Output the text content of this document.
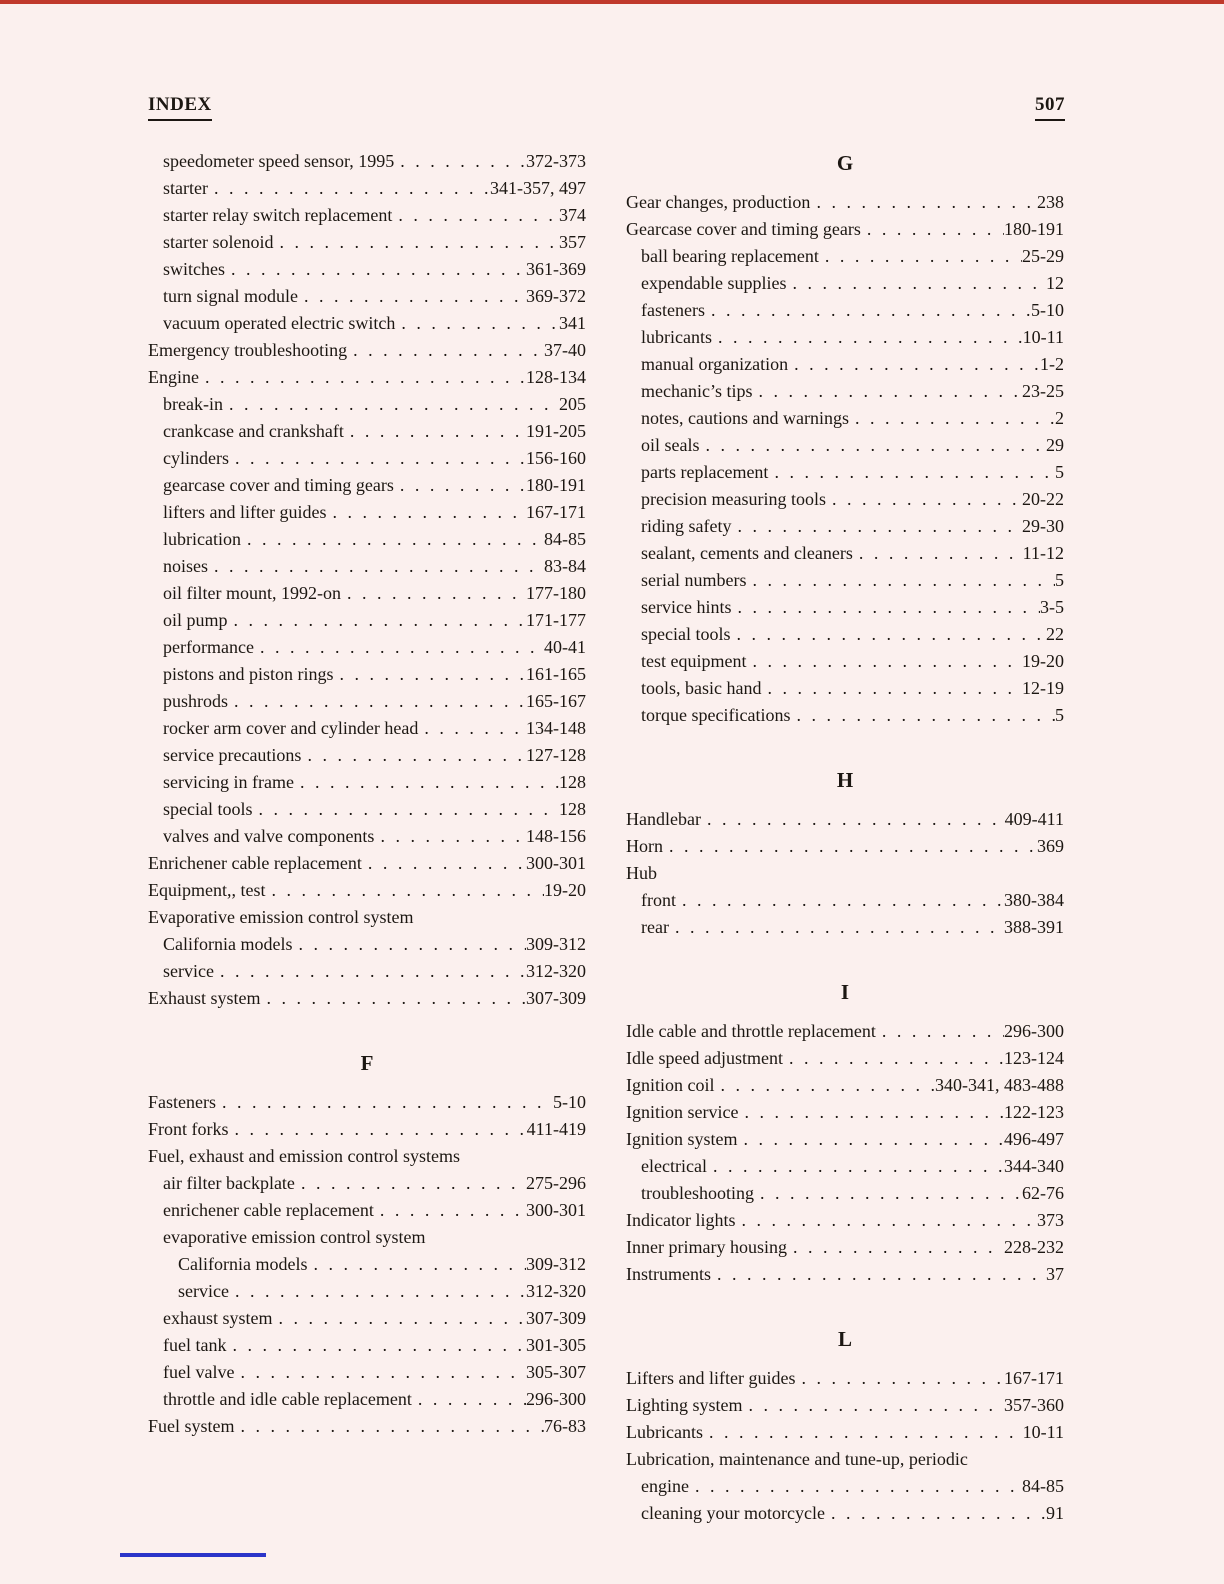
INDEX	507
speedometer speed sensor, 1995 . . .	372-373
starter . . .	341-357, 497
starter relay switch replacement . . .	374
starter solenoid . . .	357
switches . . .	361-369
turn signal module . . .	369-372
vacuum operated electric switch . . .	341
Emergency troubleshooting . . .	37-40
Engine . . .	128-134
break-in . . .	205
crankcase and crankshaft . . .	191-205
cylinders . . .	156-160
gearcase cover and timing gears . . .	180-191
lifters and lifter guides . . .	167-171
lubrication . . .	84-85
noises . . .	83-84
oil filter mount, 1992-on . . .	177-180
oil pump . . .	171-177
performance . . .	40-41
pistons and piston rings . . .	161-165
pushrods . . .	165-167
rocker arm cover and cylinder head . . .	134-148
service precautions . . .	127-128
servicing in frame . . .	128
special tools . . .	128
valves and valve components . . .	148-156
Enrichener cable replacement . . .	300-301
Equipment,, test . . .	19-20
Evaporative emission control system
California models . . .	309-312
service . . .	312-320
Exhaust system . . .	307-309
F
Fasteners . . .	5-10
Front forks . . .	411-419
Fuel, exhaust and emission control systems
air filter backplate . . .	275-296
enrichener cable replacement . . .	300-301
evaporative emission control system
California models . . .	309-312
service . . .	312-320
exhaust system . . .	307-309
fuel tank . . .	301-305
fuel valve . . .	305-307
throttle and idle cable replacement . . .	296-300
Fuel system . . .	76-83
G
Gear changes, production . . .	238
Gearcase cover and timing gears . . .	180-191
ball bearing replacement . . .	25-29
expendable supplies . . .	12
fasteners . . .	5-10
lubricants . . .	10-11
manual organization . . .	1-2
mechanic’s tips . . .	23-25
notes, cautions and warnings . . .	2
oil seals . . .	29
parts replacement . . .	5
precision measuring tools . . .	20-22
riding safety . . .	29-30
sealant, cements and cleaners . . .	11-12
serial numbers . . .	5
service hints . . .	3-5
special tools . . .	22
test equipment . . .	19-20
tools, basic hand . . .	12-19
torque specifications . . .	5
H
Handlebar . . .	409-411
Horn . . .	369
Hub
front . . .	380-384
rear . . .	388-391
I
Idle cable and throttle replacement . . .	296-300
Idle speed adjustment . . .	123-124
Ignition coil . . .	340-341, 483-488
Ignition service . . .	122-123
Ignition system . . .	496-497
electrical . . .	344-340
troubleshooting . . .	62-76
Indicator lights . . .	373
Inner primary housing . . .	228-232
Instruments . . .	37
L
Lifters and lifter guides . . .	167-171
Lighting system . . .	357-360
Lubricants . . .	10-11
Lubrication, maintenance and tune-up, periodic
engine . . .	84-85
cleaning your motorcycle . . .	91
